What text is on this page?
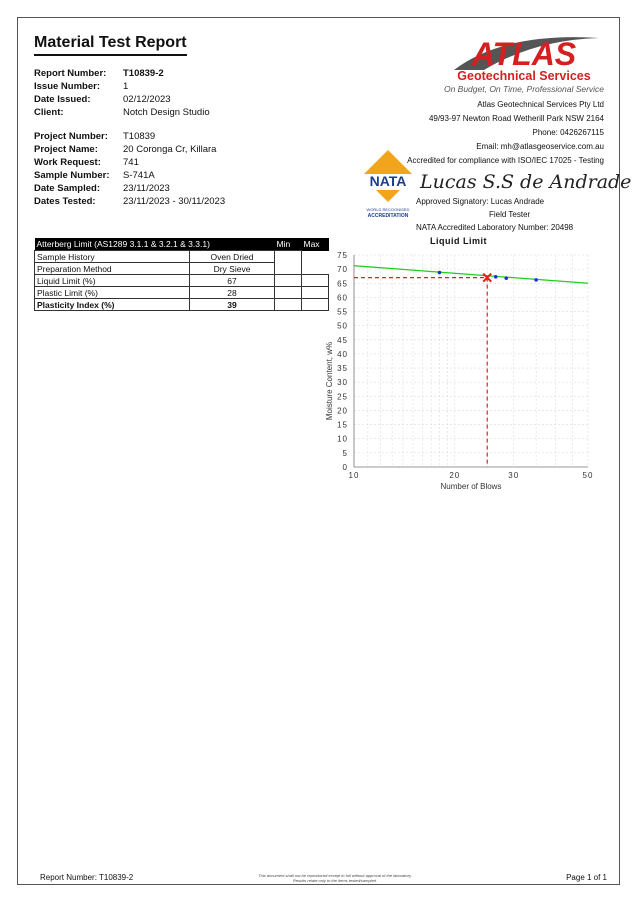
Material Test Report
Report Number: T10839-2
Issue Number: 1
Date Issued:	02/12/2023
Client:	Notch Design Studio
Project Number: T10839
Project Name:	20 Coronga Cr, Killara
Work Request: 741
Sample Number: S-741A
Date Sampled: 23/11/2023
Dates Tested:	23/11/2023 - 30/11/2023
ATLAS
Geotechnical Services
On Budget, On Time, Professional Service
Atlas Geotechnical Services Pty Ltd
49/93-97 Newton Road Wetherill Park NSW 2164
Phone: 0426267115
Email: mh@atlasgeoservice.com.au
Accredited for compliance with ISO/IEC 17025 - Testing
NATA
WORLD RECOGNISED
ACCREDITATION
Lucas S.S de Andrade
Approved Signatory: Lucas Andrade
Field Tester
NATA Accredited Laboratory Number: 20498
Atterberg Limit (AS1289 3.1.1 & 3.2.1 & 3.3.1)		Min	Max
Sample History	Oven Dried		
Preparation Method	Dry Sieve		
Liquid Limit (%)	67		
Plastic Limit (%)	28		
Plasticity Index (%)	39		
Liquid Limit
0
5
10
15
20
25
30
35
40
45
50
55
60
65
70
75
10	20	30	50
Number of Blows
Moisture Content, w%
Report Number: T10839-2	This document shall not be reproduced except in full without approval of the laboratory.
Results relate only to the items tested/sampled.	Page 1 of 1
